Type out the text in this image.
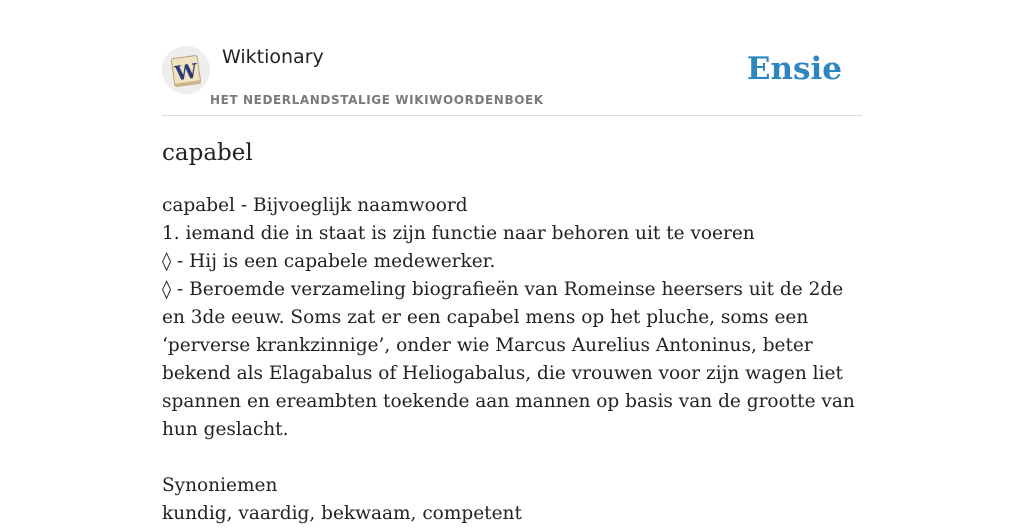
W
Wiktionary
HET NEDERLANDSTALIGE WIKIWOORDENBOEK
Ensie
capabel
capabel - Bijvoeglijk naamwoord
1. iemand die in staat is zijn functie naar behoren uit te voeren
◊ - Hij is een capabele medewerker.
◊ - Beroemde verzameling biografieën van Romeinse heersers uit de 2de en 3de eeuw. Soms zat er een capabel mens op het pluche, soms een ‘perverse krankzinnige’, onder wie Marcus Aurelius Antoninus, beter bekend als Elagabalus of Heliogabalus, die vrouwen voor zijn wagen liet spannen en ereambten toekende aan mannen op basis van de grootte van hun geslacht.
Synoniemen
kundig, vaardig, bekwaam, competent
